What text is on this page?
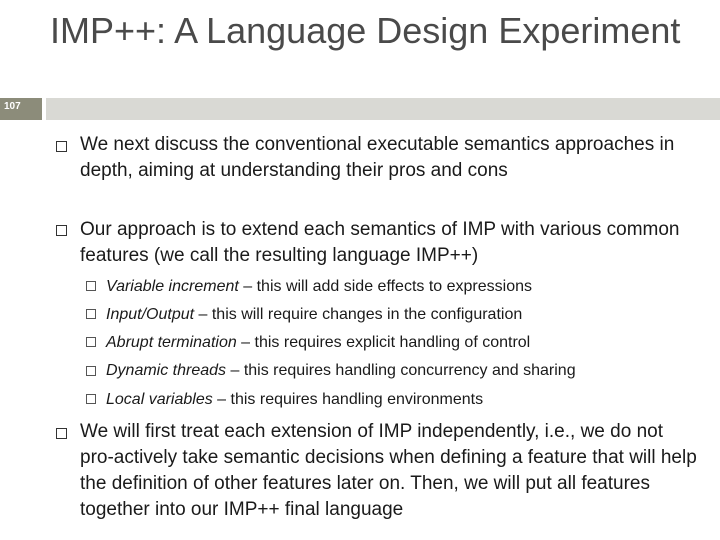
107
IMP++: A Language Design Experiment
We next discuss the conventional executable semantics approaches in depth, aiming at understanding their pros and cons
Our approach is to extend each semantics of IMP with various common features (we call the resulting language IMP++)
Variable increment – this will add side effects to expressions
Input/Output – this will require changes in the configuration
Abrupt termination – this requires explicit handling of control
Dynamic threads – this requires handling concurrency and sharing
Local variables – this requires handling environments
We will first treat each extension of IMP independently, i.e., we do not pro-actively take semantic decisions when defining a feature that will help the definition of other features later on. Then, we will put all features together into our IMP++ final language
